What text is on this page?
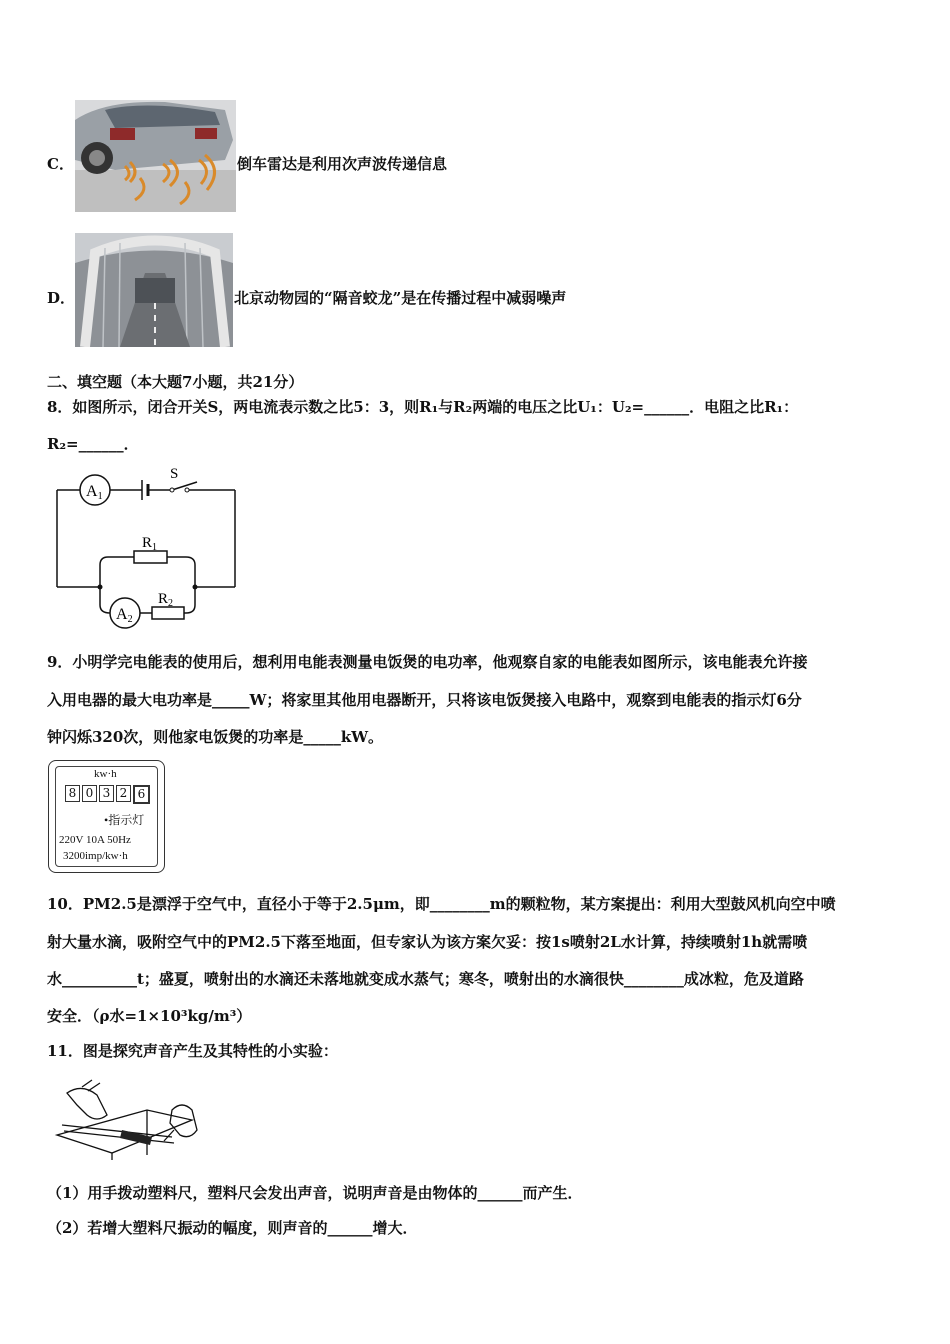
C．	倒车雷达是利用次声波传递信息
D．	北京动物园的“隔音蛟龙”是在传播过程中减弱噪声
二、填空题（本大题7小题，共21分）
8．如图所示，闭合开关S，两电流表示数之比5：3，则R₁与R₂两端的电压之比U₁：U₂=______．电阻之比R₁：
R₂=______．
A1
A2
S
$R_1$
$R_2$
9．小明学完电能表的使用后，想利用电能表测量电饭煲的电功率，他观察自家的电能表如图所示，该电能表允许接
入用电器的最大电功率是_____W；将家里其他用电器断开，只将该电饭煲接入电路中，观察到电能表的指示灯6分
钟闪烁320次，则他家电饭煲的功率是_____kW。
kw·h
8 0 3 2 6
•指示灯
220V 10A 50Hz
3200imp/kw·h
10．PM2.5是漂浮于空气中，直径小于等于2.5μm，即________m的颗粒物，某方案提出：利用大型鼓风机向空中喷
射大量水滴，吸附空气中的PM2.5下落至地面，但专家认为该方案欠妥：按1s喷射2L水计算，持续喷射1h就需喷
水__________t；盛夏，喷射出的水滴还未落地就变成水蒸气；寒冬，喷射出的水滴很快________成冰粒，危及道路
安全．（ρ水=1×10³kg/m³）
11．图是探究声音产生及其特性的小实验：
（1）用手拨动塑料尺，塑料尺会发出声音，说明声音是由物体的______而产生．
（2）若增大塑料尺振动的幅度，则声音的______增大．
